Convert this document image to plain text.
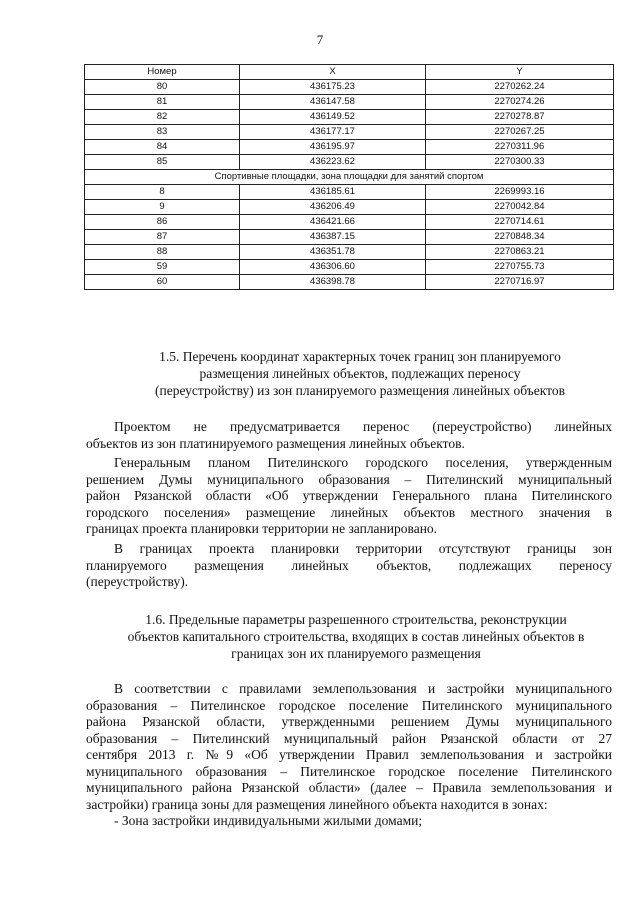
7
Номер	X	Y
80	436175.23	2270262.24
81	436147.58	2270274.26
82	436149.52	2270278.87
83	436177.17	2270267.25
84	436195.97	2270311.96
85	436223.62	2270300.33
Спортивные площадки, зона площадки для занятий спортом		
8	436185.61	2269993.16
9	436206.49	2270042.84
86	436421.66	2270714.61
87	436387.15	2270848.34
88	436351.78	2270863.21
59	436306.60	2270755.73
60	436398.78	2270716.97
1.5. Перечень координат характерных точек границ зон планируемого
размещения линейных объектов, подлежащих переносу
(переустройству) из зон планируемого размещения линейных объектов
Проектом не предусматривается перенос (переустройство) линейных
объектов из зон платинируемого размещения линейных объектов.
Генеральным планом Пителинского городского поселения, утвержденным
решением Думы муниципального образования – Пителинский муниципальный
район Рязанской области «Об утверждении Генерального плана Пителинского
городского поселения» размещение линейных объектов местного значения в
границах проекта планировки территории не запланировано.
В границах проекта планировки территории отсутствуют границы зон
планируемого размещения линейных объектов, подлежащих переносу
(переустройству).
1.6. Предельные параметры разрешенного строительства, реконструкции
объектов капитального строительства, входящих в состав линейных объектов в
границах зон их планируемого размещения
В соответствии с правилами землепользования и застройки муниципального
образования – Пителинское городское поселение Пителинского муниципального
района Рязанской области, утвержденными решением Думы муниципального
образования – Пителинский муниципальный район Рязанской области от 27
сентября 2013 г. №9 «Об утверждении Правил землепользования и застройки
муниципального образования – Пителинское городское поселение Пителинского
муниципального района Рязанской области» (далее – Правила землепользования и
застройки) граница зоны для размещения линейного объекта находится в зонах:
- Зона застройки индивидуальными жилыми домами;
